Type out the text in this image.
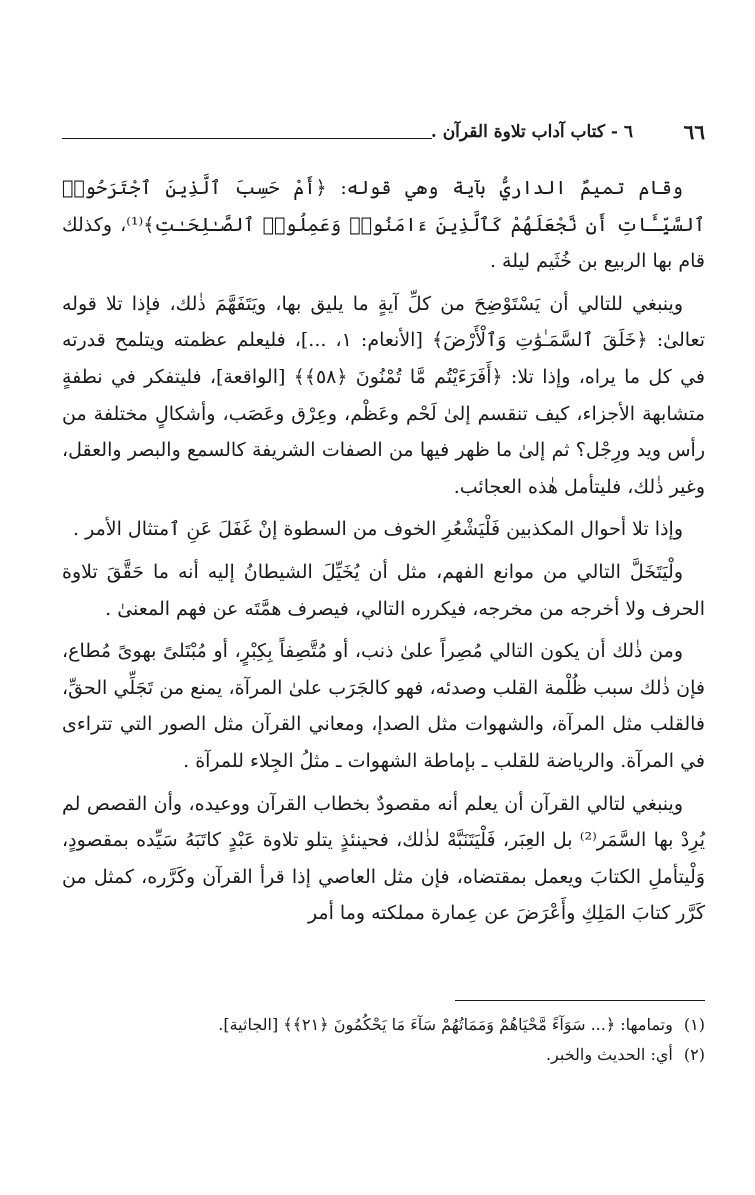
٦٦
٦ - كتاب آداب تلاوة القرآن .

وقام تميمٌ الداريُّ بآية وهي قوله: ﴿أَمْ حَسِبَ ٱلَّذِينَ ٱجْتَرَحُوا۟ ٱلسَّيِّـَٔاتِ أَن نَّجْعَلَهُمْ كَٱلَّذِينَ ءَامَنُوا۟ وَعَمِلُوا۟ ٱلصَّـٰلِحَـٰتِ﴾⁽¹⁾، وكذلك قام بها الربيع بن خُثَيم ليلة .

وينبغي للتالي أن يَسْتَوْضِحَ من كلِّ آيةٍ ما يليق بها، ويَتَفَهَّمَ ذٰلك، فإذا تلا قوله تعالىٰ: ﴿خَلَقَ ٱلسَّمَـٰوَٰتِ وَٱلْأَرْضَ﴾ [الأنعام: ١، ...]، فليعلم عظمته ويتلمح قدرته في كل ما يراه، وإذا تلا: ﴿أَفَرَءَيْتُم مَّا تُمْنُونَ ﴿٥٨﴾﴾ [الواقعة]، فليتفكر في نطفةٍ متشابهة الأجزاء، كيف تنقسم إلىٰ لَحْم وعَظْم، وعِرْق وعَصَب، وأشكالٍ مختلفة من رأس ويد ورِجْل؟ ثم إلىٰ ما ظهر فيها من الصفات الشريفة كالسمع والبصر والعقل، وغير ذٰلك، فليتأمل هٰذه العجائب.

وإذا تلا أحوال المكذبين فَلْيَشْعُرِ الخوف من السطوة إنْ غَفَلَ عَنِ ٱمتثال الأمر .

ولْيَتَخَلَّ التالي من موانع الفهم، مثل أن يُخَيِّلَ الشيطانُ إليه أنه ما حَقَّقَ تلاوة الحرف ولا أخرجه من مخرجه، فيكرره التالي، فيصرف همَّتَه عن فهم المعنىٰ .

ومن ذٰلك أن يكون التالي مُصِراً علىٰ ذنب، أو مُتَّصِفاً بِكِبْرٍ، أو مُبْتَلىً بهوىً مُطاع، فإن ذٰلك سبب ظُلْمة القلب وصدئه، فهو كالجَرَب علىٰ المرآة، يمنع من تَجَلِّي الحقِّ، فالقلب مثل المرآة، والشهوات مثل الصدإ، ومعاني القرآن مثل الصور التي تتراءى في المرآة. والرياضة للقلب ـ بإماطة الشهوات ـ مثلُ الجِلاء للمرآة .

وينبغي لتالي القرآن أن يعلم أنه مقصودٌ بخطاب القرآن ووعيده، وأن القصص لم يُرِدْ بها السَّمَر⁽²⁾ بل العِبَر، فَلْيَتَنَبَّهْ لذٰلك، فحينئذٍ يتلو تلاوة عَبْدٍ كاتَبَهُ سَيِّده بمقصودٍ، وَلْيتأملِ الكتابَ ويعمل بمقتضاه، فإن مثل العاصي إذا قرأ القرآن وكَرَّره، كمثل من كَرَّر كتابَ المَلِكِ وأَعْرَضَ عن عِمارة مملكته وما أمر

(١) وتمامها: ﴿... سَوَآءً مَّحْيَاهُمْ وَمَمَاتُهُمْ سَآءَ مَا يَحْكُمُونَ ﴿٢١﴾﴾ [الجاثية].

(٢) أي: الحديث والخبر.
